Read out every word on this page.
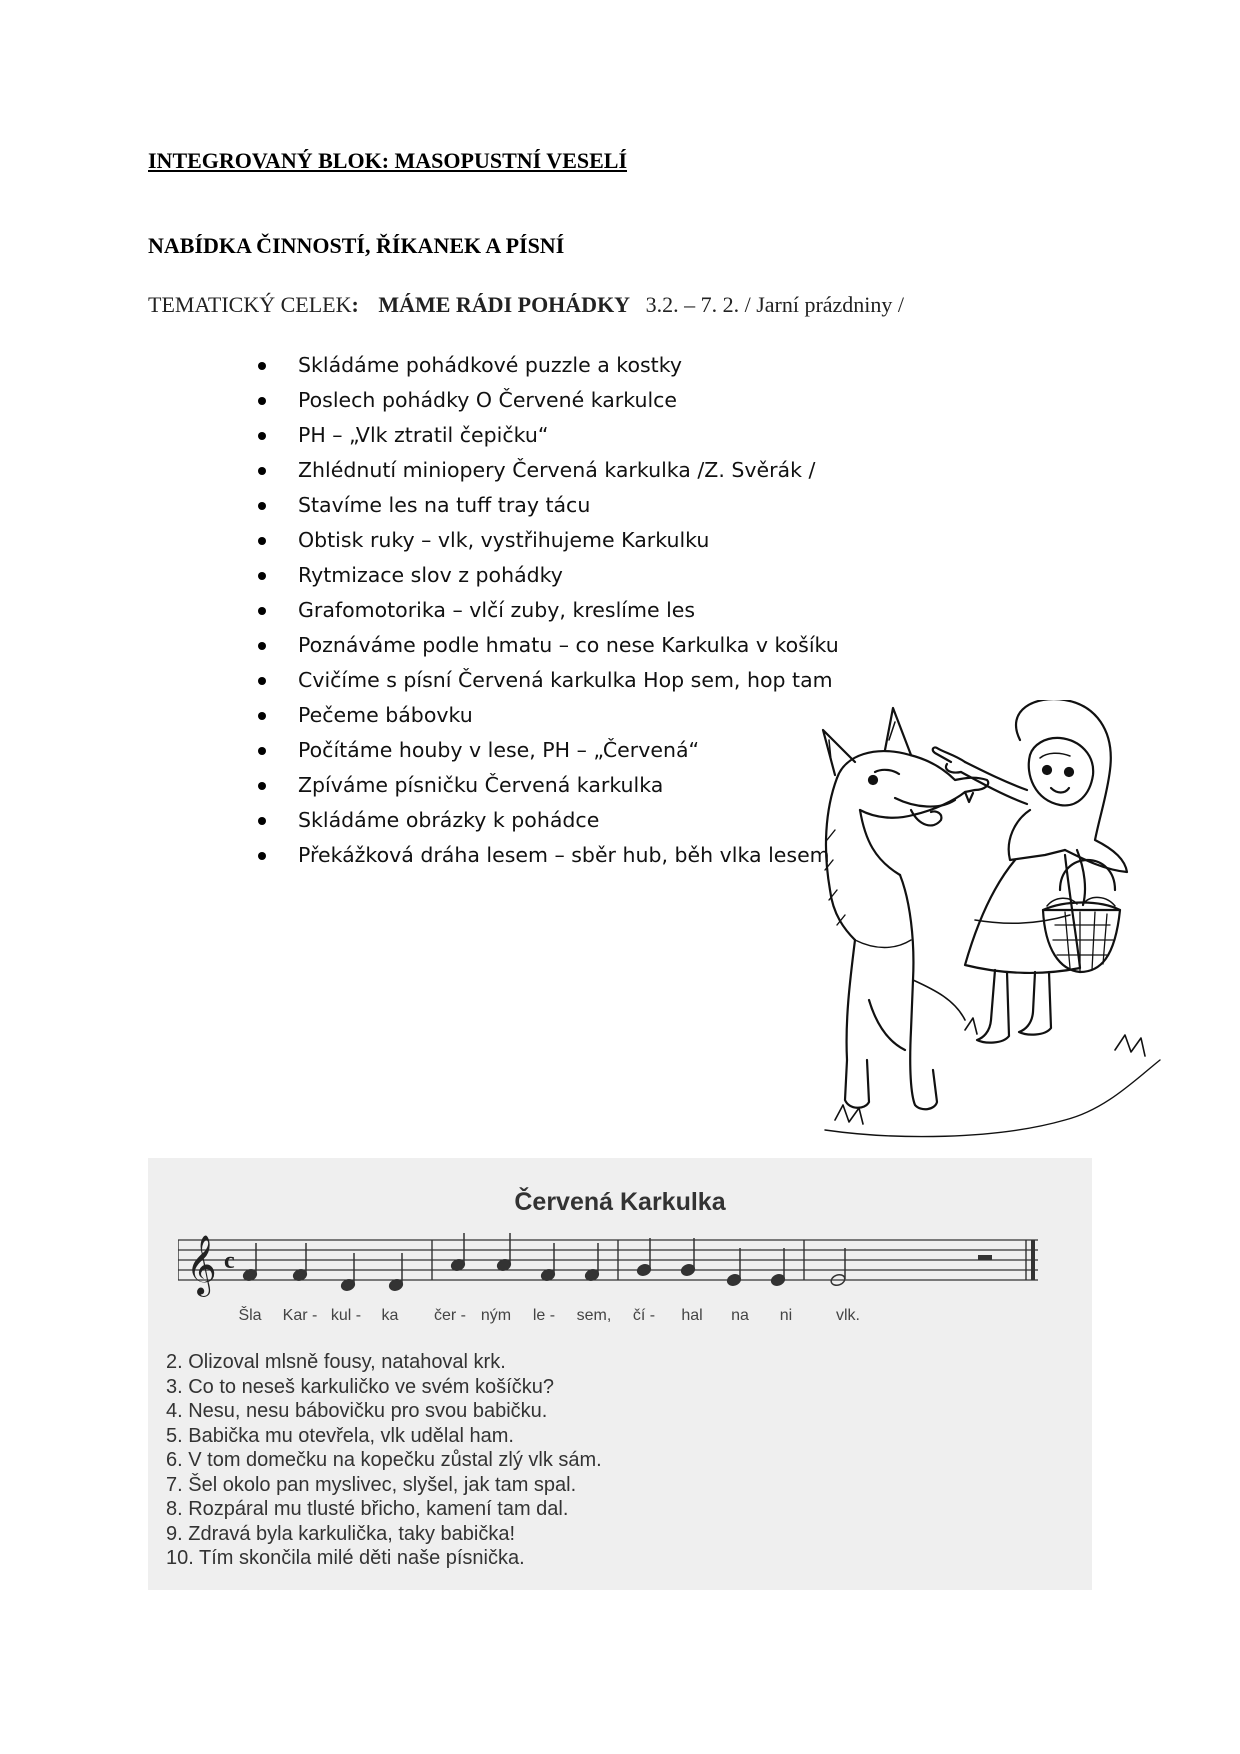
INTEGROVANÝ BLOK: MASOPUSTNÍ VESELÍ
NABÍDKA ČINNOSTÍ, ŘÍKANEK A PÍSNÍ
TEMATICKÝ CELEK: MÁME RÁDI POHÁDKY 3.2. – 7. 2. / Jarní prázdniny /
Skládáme pohádkové puzzle a kostky
Poslech pohádky O Červené karkulce
PH – „Vlk ztratil čepičku“
Zhlédnutí miniopery Červená karkulka /Z. Svěrák /
Stavíme les na tuff tray tácu
Obtisk ruky – vlk, vystřihujeme Karkulku
Rytmizace slov z pohádky
Grafomotorika – vlčí zuby, kreslíme les
Poznáváme podle hmatu – co nese Karkulka v košíku
Cvičíme s písní Červená karkulka Hop sem, hop tam
Pečeme bábovku
Počítáme houby v lese, PH – „Červená“
Zpíváme písničku Červená karkulka
Skládáme obrázky k pohádce
Překážková dráha lesem – sběr hub, běh vlka lesem
Červená Karkulka
𝄞 c
Šla Kar - kul - ka čer - ným le - sem, čí - hal na ni	vlk.
2. Olizoval mlsně fousy, natahoval krk.
3. Co to neseš karkuličko ve svém košíčku?
4. Nesu, nesu bábovičku pro svou babičku.
5. Babička mu otevřela, vlk udělal ham.
6. V tom domečku na kopečku zůstal zlý vlk sám.
7. Šel okolo pan myslivec, slyšel, jak tam spal.
8. Rozpáral mu tlusté břicho, kamení tam dal.
9. Zdravá byla karkulička, taky babička!
10. Tím skončila milé děti naše písnička.
